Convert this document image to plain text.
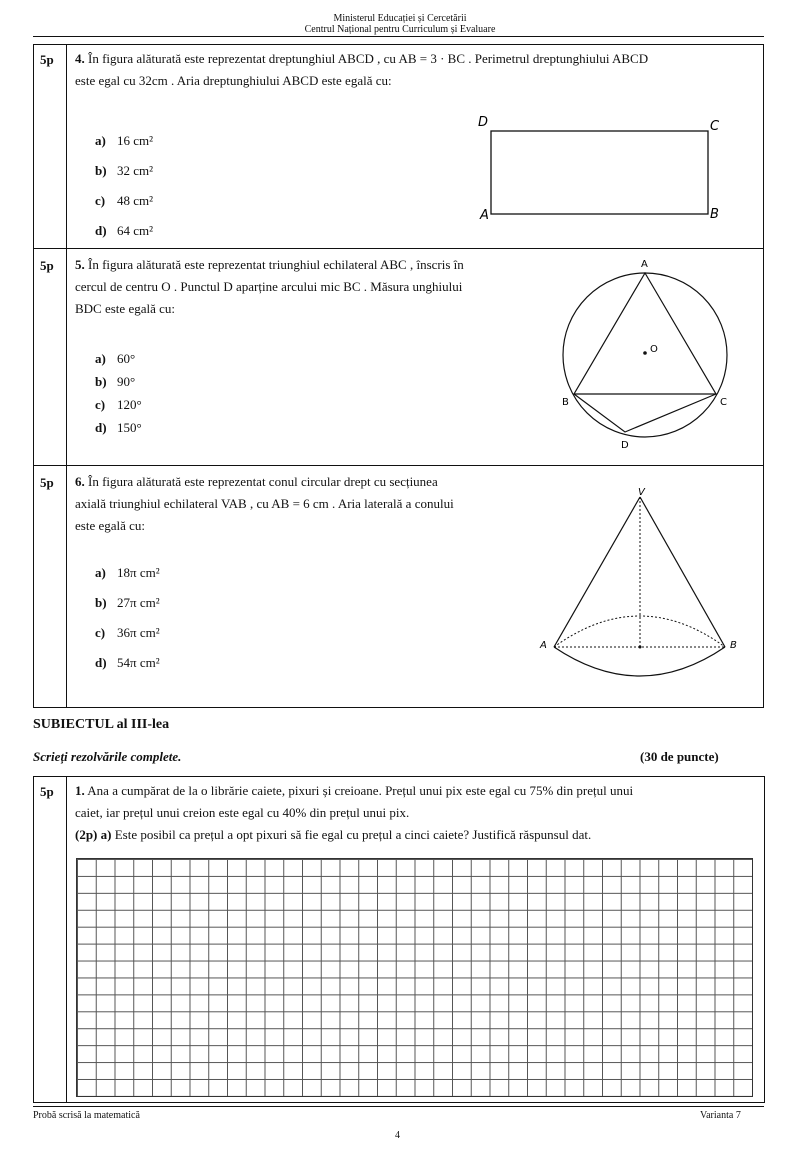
Ministerul Educației și Cercetării
Centrul Național pentru Curriculum și Evaluare
5p 4. În figura alăturată este reprezentat dreptunghiul ABCD , cu AB = 3 · BC . Perimetrul dreptunghiului ABCD
este egal cu 32cm . Aria dreptunghiului ABCD este egală cu:
a) 16 cm²
b) 32 cm²
c) 48 cm²
d) 64 cm²
D	C
A	B
5p 5. În figura alăturată este reprezentat triunghiul echilateral ABC , înscris în
cercul de centru O . Punctul D aparține arcului mic BC . Măsura unghiului
BDC este egală cu:
a) 60°
b) 90°
c) 120°
d) 150°
A
O
B	C
D
5p 6. În figura alăturată este reprezentat conul circular drept cu secțiunea
axială triunghiul echilateral VAB , cu AB = 6 cm . Aria laterală a conului
este egală cu:
a) 18π cm²
b) 27π cm²
c) 36π cm²
d) 54π cm²
V
A	B
SUBIECTUL al III-lea
Scrieți rezolvările complete.	(30 de puncte)
5p 1. Ana a cumpărat de la o librărie caiete, pixuri și creioane. Prețul unui pix este egal cu 75% din prețul unui
caiet, iar prețul unui creion este egal cu 40% din prețul unui pix.
(2p) a) Este posibil ca prețul a opt pixuri să fie egal cu prețul a cinci caiete? Justifică răspunsul dat.
Probă scrisă la matematică	Varianta 7
4
